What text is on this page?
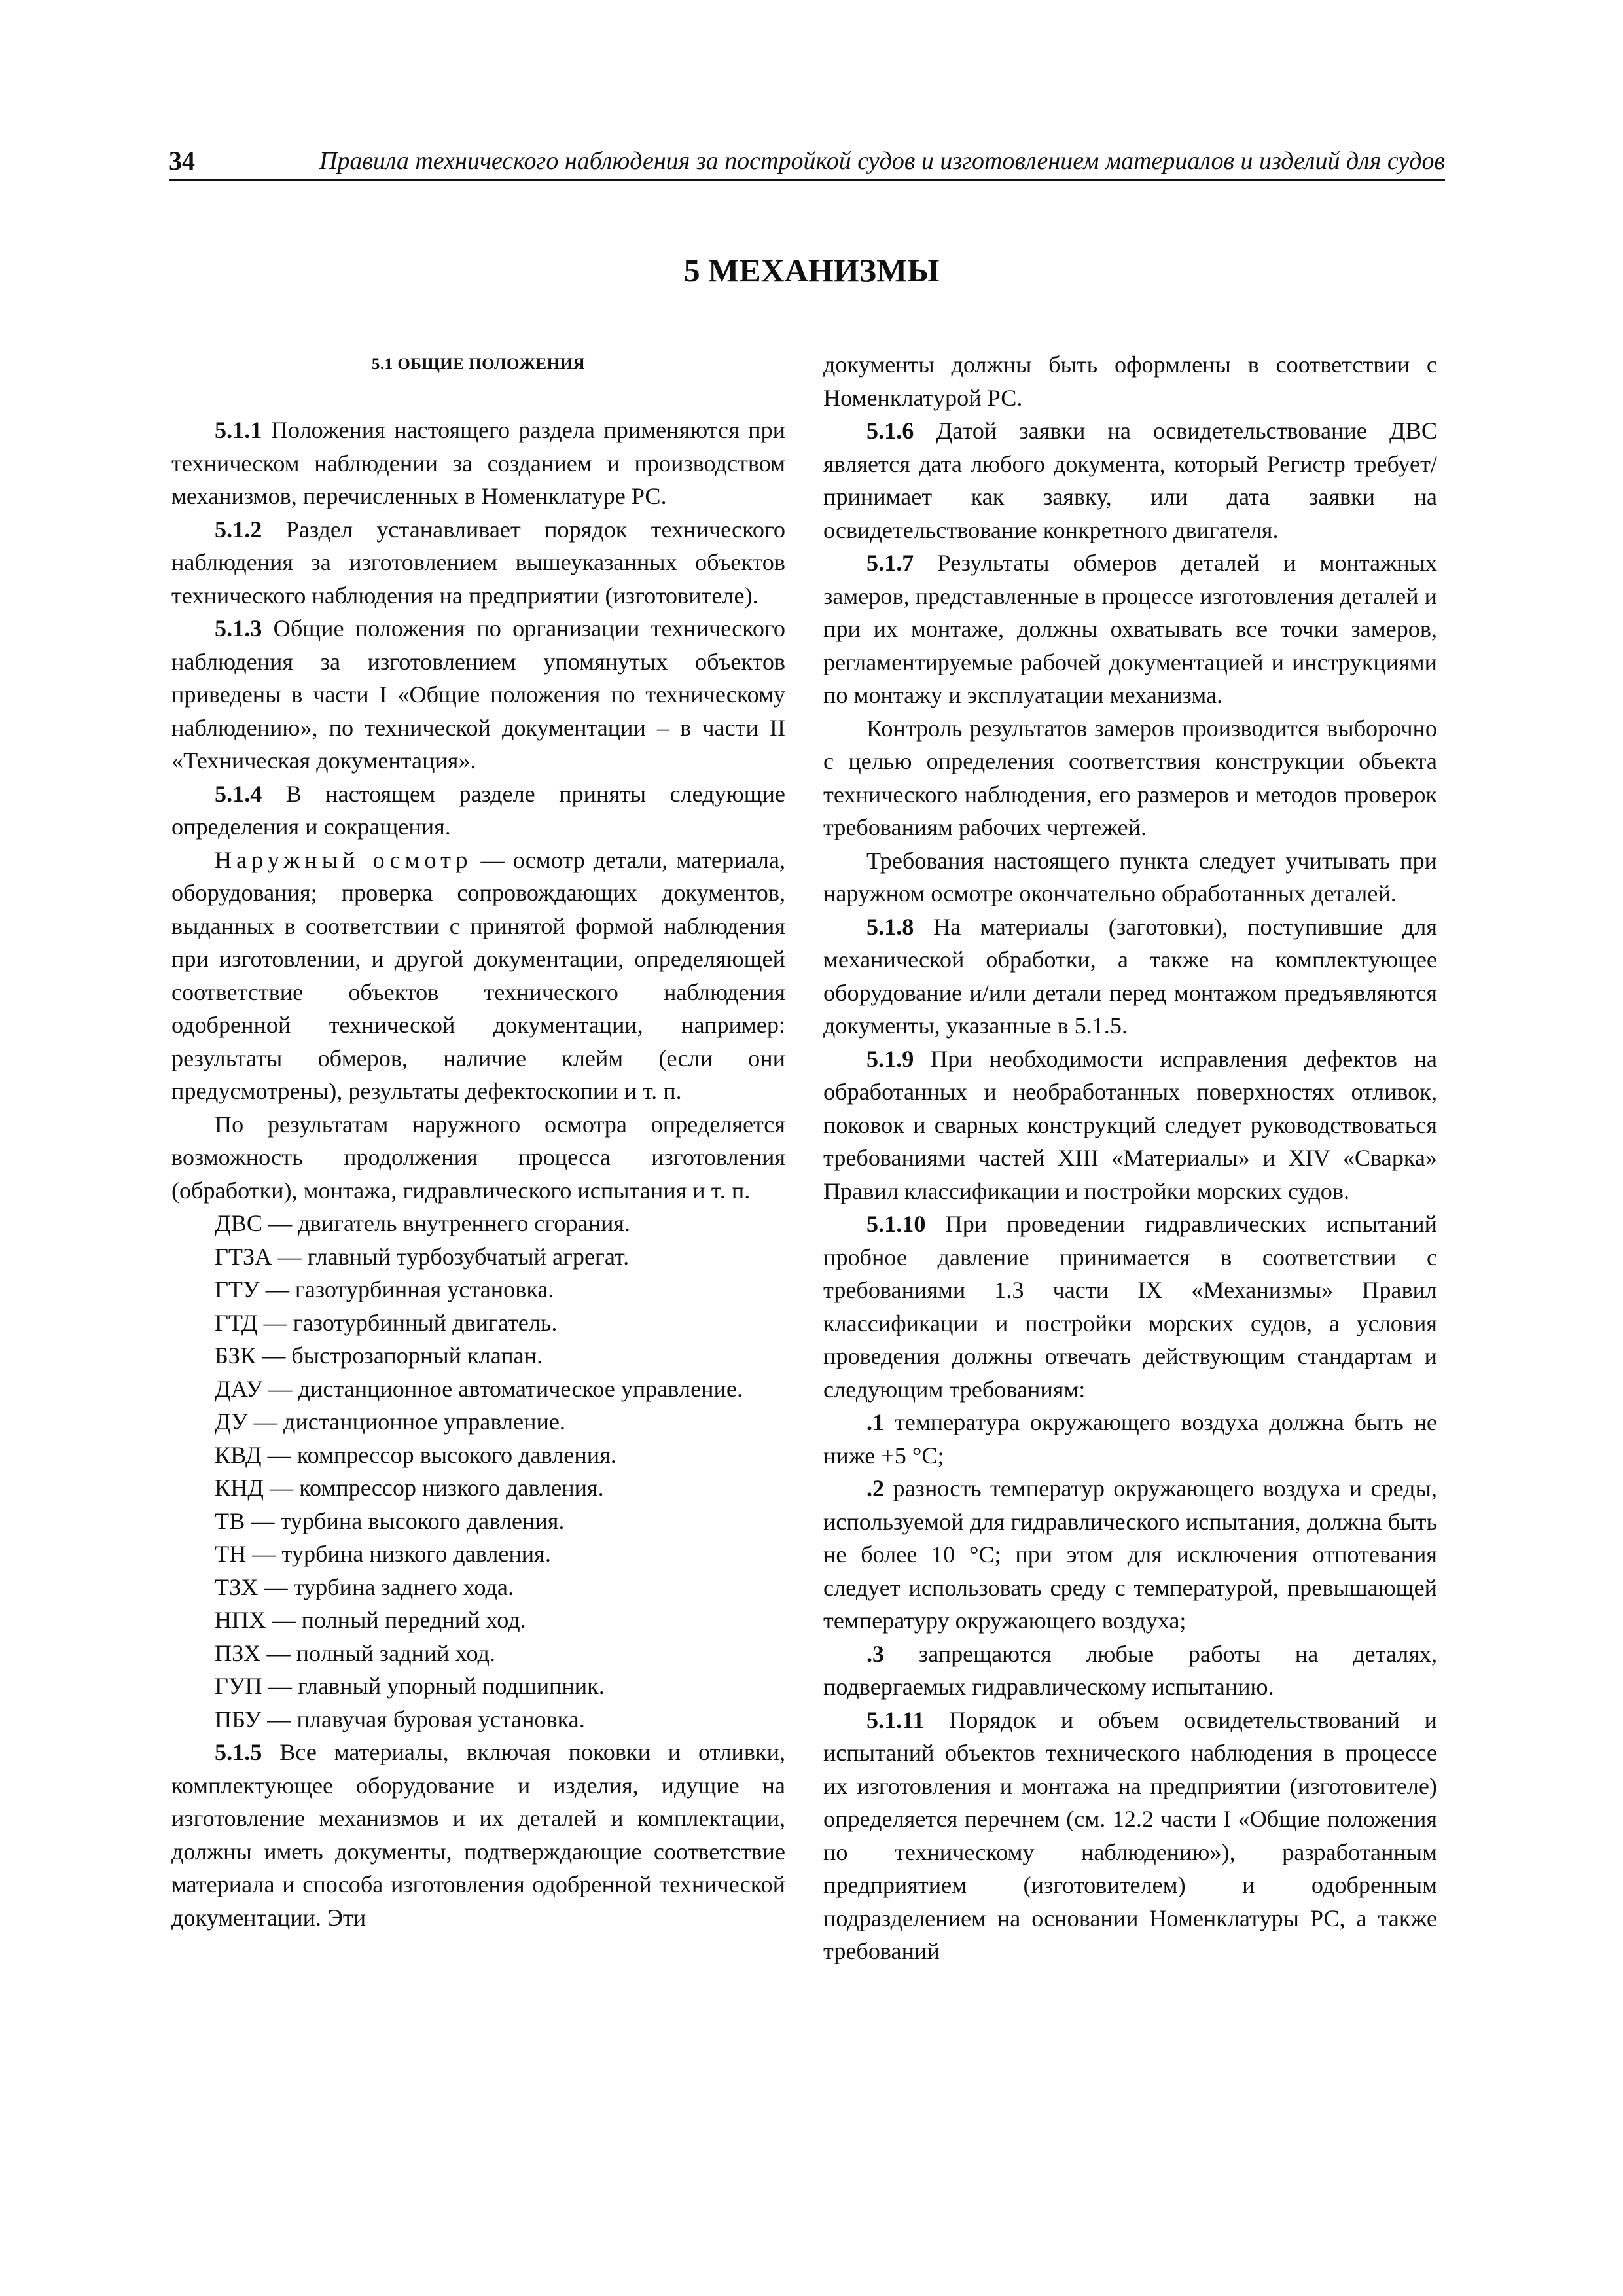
34	Правила технического наблюдения за постройкой судов и изготовлением материалов и изделий для судов
5 МЕХАНИЗМЫ
5.1 ОБЩИЕ ПОЛОЖЕНИЯ

5.1.1 Положения настоящего раздела применяются при техническом наблюдении за созданием и производством механизмов, перечисленных в Номенклатуре РС.

5.1.2 Раздел устанавливает порядок технического наблюдения за изготовлением вышеуказанных объектов технического наблюдения на предприятии (изготовителе).

5.1.3 Общие положения по организации технического наблюдения за изготовлением упомянутых объектов приведены в части I «Общие положения по техническому наблюдению», по технической документации – в части II «Техническая документация».

5.1.4 В настоящем разделе приняты следующие определения и сокращения.

Наружный осмотр — осмотр детали, материала, оборудования; проверка сопровождающих документов, выданных в соответствии с принятой формой наблюдения при изготовлении, и другой документации, определяющей соответствие объектов технического наблюдения одобренной технической документации, например: результаты обмеров, наличие клейм (если они предусмотрены), результаты дефектоскопии и т. п.

По результатам наружного осмотра определяется возможность продолжения процесса изготовления (обработки), монтажа, гидравлического испытания и т. п.

ДВС — двигатель внутреннего сгорания.

ГТЗА — главный турбозубчатый агрегат.

ГТУ — газотурбинная установка.

ГТД — газотурбинный двигатель.

БЗК — быстрозапорный клапан.

ДАУ — дистанционное автоматическое управление.

ДУ — дистанционное управление.

КВД — компрессор высокого давления.

КНД — компрессор низкого давления.

ТВ — турбина высокого давления.

ТН — турбина низкого давления.

ТЗХ — турбина заднего хода.

НПХ — полный передний ход.

ПЗХ — полный задний ход.

ГУП — главный упорный подшипник.

ПБУ — плавучая буровая установка.

5.1.5 Все материалы, включая поковки и отливки, комплектующее оборудование и изделия, идущие на изготовление механизмов и их деталей и комплектации, должны иметь документы, подтверждающие соответствие материала и способа изготовления одобренной технической документации. Эти

документы должны быть оформлены в соответствии с Номенклатурой РС.

5.1.6 Датой заявки на освидетельствование ДВС является дата любого документа, который Регистр требует/принимает как заявку, или дата заявки на освидетельствование конкретного двигателя.

5.1.7 Результаты обмеров деталей и монтажных замеров, представленные в процессе изготовления деталей и при их монтаже, должны охватывать все точки замеров, регламентируемые рабочей документацией и инструкциями по монтажу и эксплуатации механизма.

Контроль результатов замеров производится выборочно с целью определения соответствия конструкции объекта технического наблюдения, его размеров и методов проверок требованиям рабочих чертежей.

Требования настоящего пункта следует учитывать при наружном осмотре окончательно обработанных деталей.

5.1.8 На материалы (заготовки), поступившие для механической обработки, а также на комплектующее оборудование и/или детали перед монтажом предъявляются документы, указанные в 5.1.5.

5.1.9 При необходимости исправления дефектов на обработанных и необработанных поверхностях отливок, поковок и сварных конструкций следует руководствоваться требованиями частей XIII «Материалы» и XIV «Сварка» Правил классификации и постройки морских судов.

5.1.10 При проведении гидравлических испытаний пробное давление принимается в соответствии с требованиями 1.3 части IX «Механизмы» Правил классификации и постройки морских судов, а условия проведения должны отвечать действующим стандартам и следующим требованиям:

.1 температура окружающего воздуха должна быть не ниже +5 °С;

.2 разность температур окружающего воздуха и среды, используемой для гидравлического испытания, должна быть не более 10 °С; при этом для исключения отпотевания следует использовать среду с температурой, превышающей температуру окружающего воздуха;

.3 запрещаются любые работы на деталях, подвергаемых гидравлическому испытанию.

5.1.11 Порядок и объем освидетельствований и испытаний объектов технического наблюдения в процессе их изготовления и монтажа на предприятии (изготовителе) определяется перечнем (см. 12.2 части I «Общие положения по техническому наблюдению»), разработанным предприятием (изготовителем) и одобренным подразделением на основании Номенклатуры РС, а также требований
